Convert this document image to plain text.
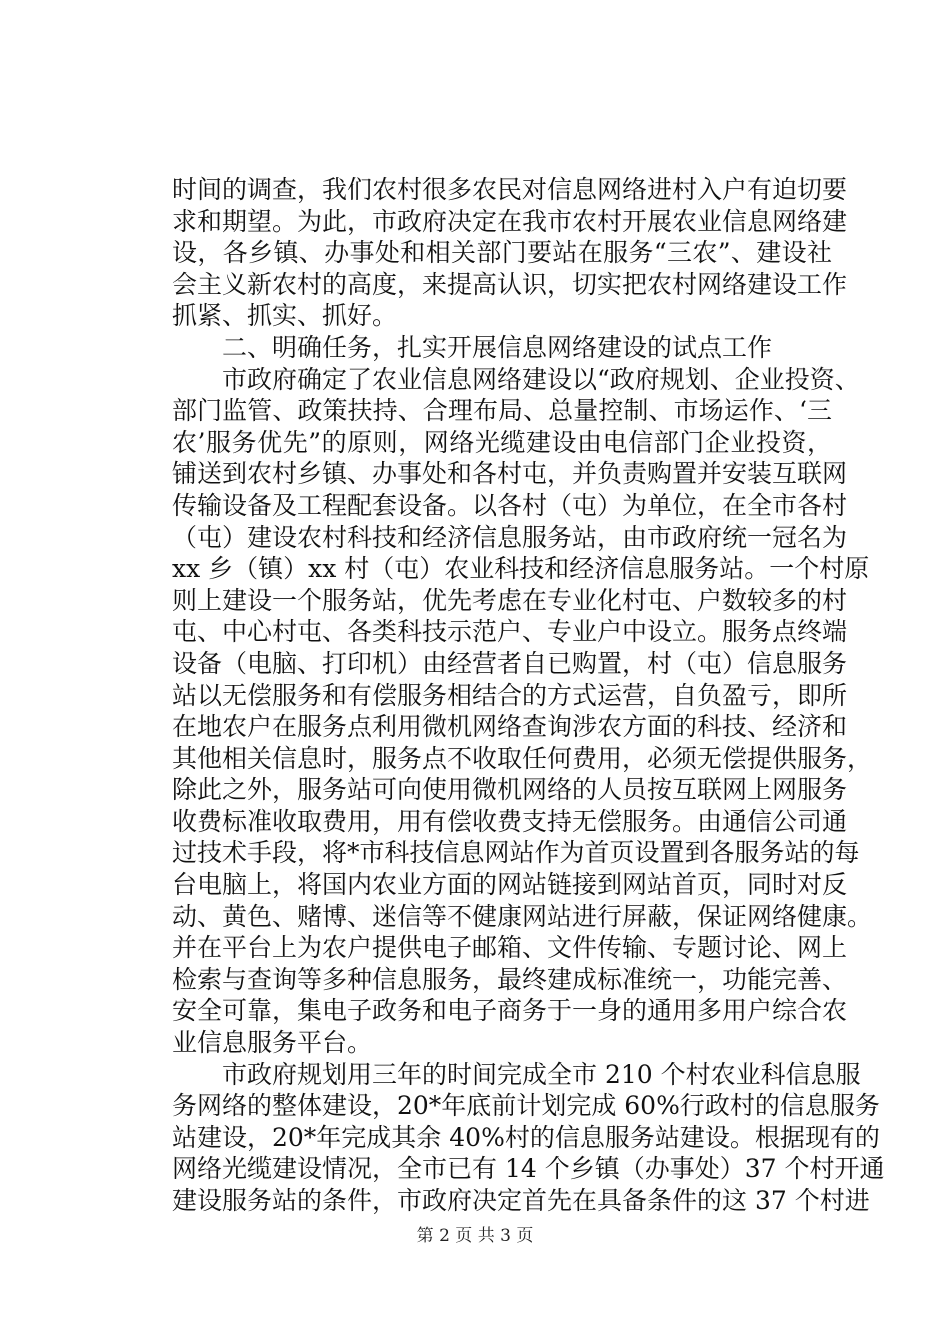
时间的调查，我们农村很多农民对信息网络进村入户有迫切要
求和期望。为此，市政府决定在我市农村开展农业信息网络建
设，各乡镇、办事处和相关部门要站在服务“三农”、建设社
会主义新农村的高度，来提高认识，切实把农村网络建设工作
抓紧、抓实、抓好。
二、明确任务，扎实开展信息网络建设的试点工作
市政府确定了农业信息网络建设以“政府规划、企业投资、
部门监管、政策扶持、合理布局、总量控制、市场运作、‘三
农’服务优先”的原则，网络光缆建设由电信部门企业投资，
铺送到农村乡镇、办事处和各村屯，并负责购置并安装互联网
传输设备及工程配套设备。以各村（屯）为单位，在全市各村
（屯）建设农村科技和经济信息服务站，由市政府统一冠名为
xx 乡（镇）xx 村（屯）农业科技和经济信息服务站。一个村原
则上建设一个服务站，优先考虑在专业化村屯、户数较多的村
屯、中心村屯、各类科技示范户、专业户中设立。服务点终端
设备（电脑、打印机）由经营者自已购置，村（屯）信息服务
站以无偿服务和有偿服务相结合的方式运营，自负盈亏，即所
在地农户在服务点利用微机网络查询涉农方面的科技、经济和
其他相关信息时，服务点不收取任何费用，必须无偿提供服务，
除此之外，服务站可向使用微机网络的人员按互联网上网服务
收费标准收取费用，用有偿收费支持无偿服务。由通信公司通
过技术手段，将*市科技信息网站作为首页设置到各服务站的每
台电脑上，将国内农业方面的网站链接到网站首页，同时对反
动、黄色、赌博、迷信等不健康网站进行屏蔽，保证网络健康。
并在平台上为农户提供电子邮箱、文件传输、专题讨论、网上
检索与查询等多种信息服务，最终建成标准统一，功能完善、
安全可靠，集电子政务和电子商务于一身的通用多用户综合农
业信息服务平台。
市政府规划用三年的时间完成全市 210 个村农业科信息服
务网络的整体建设，20*年底前计划完成 60%行政村的信息服务
站建设，20*年完成其余 40%村的信息服务站建设。根据现有的
网络光缆建设情况，全市已有 14 个乡镇（办事处）37 个村开通
建设服务站的条件，市政府决定首先在具备条件的这 37 个村进
第 2 页 共 3 页
